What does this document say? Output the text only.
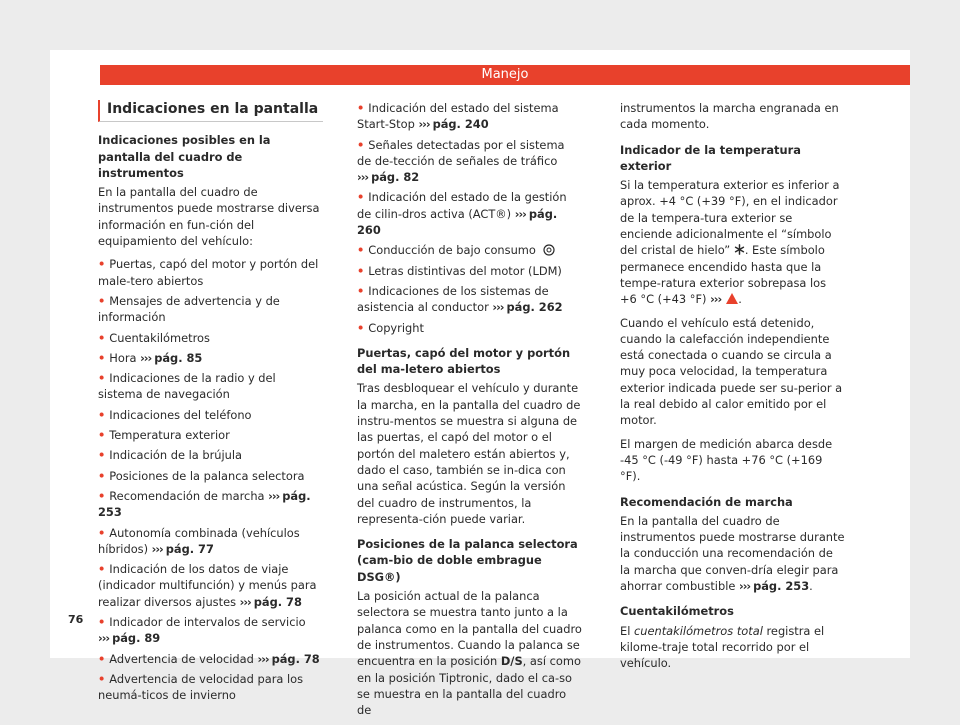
Manejo
Indicaciones en la pantalla
Indicaciones posibles en la pantalla del cuadro de instrumentos

En la pantalla del cuadro de instrumentos puede mostrarse diversa información en fun-ción del equipamiento del vehículo:

• Puertas, capó del motor y portón del male-tero abiertos
• Mensajes de advertencia y de información
• Cuentakilómetros
• Hora ››› pág. 85
• Indicaciones de la radio y del sistema de navegación
• Indicaciones del teléfono
• Temperatura exterior
• Indicación de la brújula
• Posiciones de la palanca selectora
• Recomendación de marcha ››› pág. 253
• Autonomía combinada (vehículos híbridos) ››› pág. 77
• Indicación de los datos de viaje (indicador multifunción) y menús para realizar diversos ajustes ››› pág. 78
• Indicador de intervalos de servicio ››› pág. 89
• Advertencia de velocidad ››› pág. 78
• Advertencia de velocidad para los neumá-ticos de invierno
• Indicación del estado del sistema Start-Stop ››› pág. 240
• Señales detectadas por el sistema de de-tección de señales de tráfico ››› pág. 82
• Indicación del estado de la gestión de cilin-dros activa (ACT®) ››› pág. 260
• Conducción de bajo consumo
• Letras distintivas del motor (LDM)
• Indicaciones de los sistemas de asistencia al conductor ››› pág. 262
• Copyright
Puertas, capó del motor y portón del ma-letero abiertos

Tras desbloquear el vehículo y durante la marcha, en la pantalla del cuadro de instru-mentos se muestra si alguna de las puertas, el capó del motor o el portón del maletero están abiertos y, dado el caso, también se in-dica con una señal acústica. Según la versión del cuadro de instrumentos, la representa-ción puede variar.

Posiciones de la palanca selectora (cam-bio de doble embrague DSG®)

La posición actual de la palanca selectora se muestra tanto junto a la palanca como en la pantalla del cuadro de instrumentos. Cuando la palanca se encuentra en la posición D/S, así como en la posición Tiptronic, dado el ca-so se muestra en la pantalla del cuadro de

instrumentos la marcha engranada en cada momento.

Indicador de la temperatura exterior

Si la temperatura exterior es inferior a aprox. +4 °C (+39 °F), en el indicador de la tempera-tura exterior se enciende adicionalmente el “símbolo del cristal de hielo” . Este símbolo permanece encendido hasta que la tempe-ratura exterior sobrepasa los +6 °C (+43 °F) ››› .

Cuando el vehículo está detenido, cuando la calefacción independiente está conectada o cuando se circula a muy poca velocidad, la temperatura exterior indicada puede ser su-perior a la real debido al calor emitido por el motor.

El margen de medición abarca desde -45 °C (-49 °F) hasta +76 °C (+169 °F).

Recomendación de marcha

En la pantalla del cuadro de instrumentos puede mostrarse durante la conducción una recomendación de la marcha que conven-dría elegir para ahorrar combustible ››› pág. 253.

Cuentakilómetros

El cuentakilómetros total registra el kilome-traje total recorrido por el vehículo.

76
